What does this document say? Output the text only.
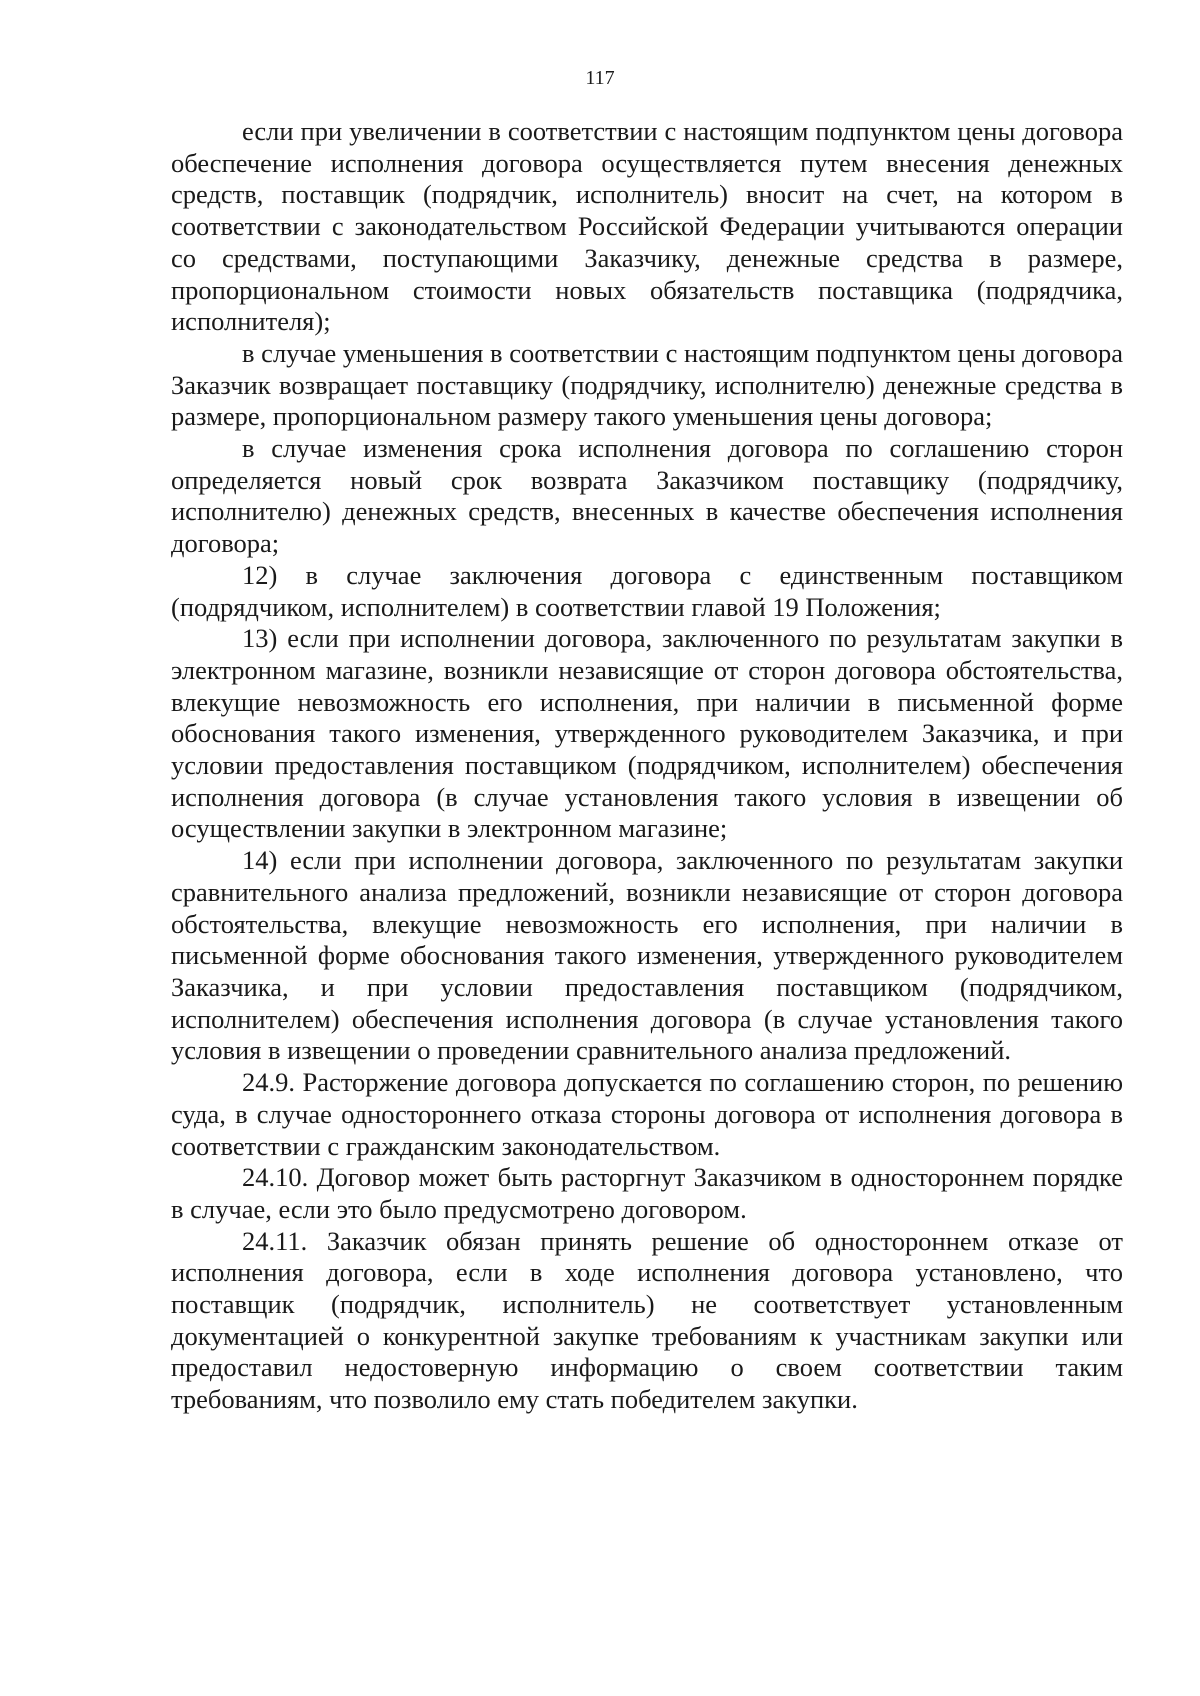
117

если при увеличении в соответствии с настоящим подпунктом цены договора обеспечение исполнения договора осуществляется путем внесения денежных средств, поставщик (подрядчик, исполнитель) вносит на счет, на котором в соответствии с законодательством Российской Федерации учитываются операции со средствами, поступающими Заказчику, денежные средства в размере, пропорциональном стоимости новых обязательств поставщика (подрядчика, исполнителя);

в случае уменьшения в соответствии с настоящим подпунктом цены договора Заказчик возвращает поставщику (подрядчику, исполнителю) денежные средства в размере, пропорциональном размеру такого уменьшения цены договора;

в случае изменения срока исполнения договора по соглашению сторон определяется новый срок возврата Заказчиком поставщику (подрядчику, исполнителю) денежных средств, внесенных в качестве обеспечения исполнения договора;

12) в случае заключения договора с единственным поставщиком (подрядчиком, исполнителем) в соответствии главой 19 Положения;

13) если при исполнении договора, заключенного по результатам закупки в электронном магазине, возникли независящие от сторон договора обстоятельства, влекущие невозможность его исполнения, при наличии в письменной форме обоснования такого изменения, утвержденного руководителем Заказчика, и при условии предоставления поставщиком (подрядчиком, исполнителем) обеспечения исполнения договора (в случае установления такого условия в извещении об осуществлении закупки в электронном магазине;

14) если при исполнении договора, заключенного по результатам закупки сравнительного анализа предложений, возникли независящие от сторон договора обстоятельства, влекущие невозможность его исполнения, при наличии в письменной форме обоснования такого изменения, утвержденного руководителем Заказчика, и при условии предоставления поставщиком (подрядчиком, исполнителем) обеспечения исполнения договора (в случае установления такого условия в извещении о проведении сравнительного анализа предложений.

24.9. Расторжение договора допускается по соглашению сторон, по решению суда, в случае одностороннего отказа стороны договора от исполнения договора в соответствии с гражданским законодательством.

24.10. Договор может быть расторгнут Заказчиком в одностороннем порядке в случае, если это было предусмотрено договором.

24.11. Заказчик обязан принять решение об одностороннем отказе от исполнения договора, если в ходе исполнения договора установлено, что поставщик (подрядчик, исполнитель) не соответствует установленным документацией о конкурентной закупке требованиям к участникам закупки или предоставил недостоверную информацию о своем соответствии таким требованиям, что позволило ему стать победителем закупки.
